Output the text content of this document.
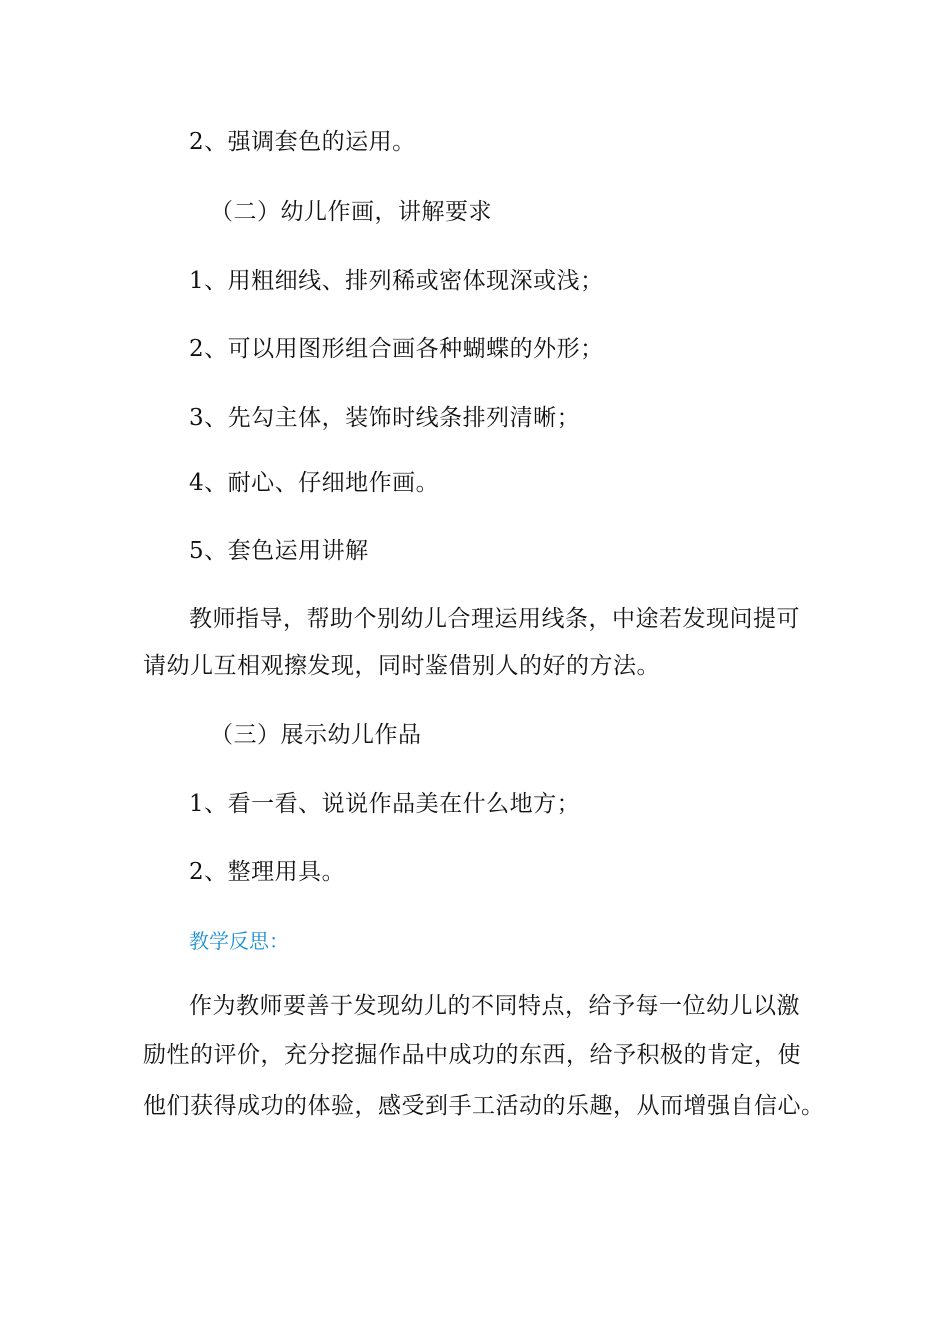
2、强调套色的运用。
（二）幼儿作画，讲解要求
1、用粗细线、排列稀或密体现深或浅；
2、可以用图形组合画各种蝴蝶的外形；
3、先勾主体，装饰时线条排列清晰；
4、耐心、仔细地作画。
5、套色运用讲解
教师指导，帮助个别幼儿合理运用线条，中途若发现问提可
请幼儿互相观擦发现，同时鉴借别人的好的方法。
（三）展示幼儿作品
1、看一看、说说作品美在什么地方；
2、整理用具。
教学反思：
作为教师要善于发现幼儿的不同特点，给予每一位幼儿以激
励性的评价，充分挖掘作品中成功的东西，给予积极的肯定，使
他们获得成功的体验，感受到手工活动的乐趣，从而增强自信心。
